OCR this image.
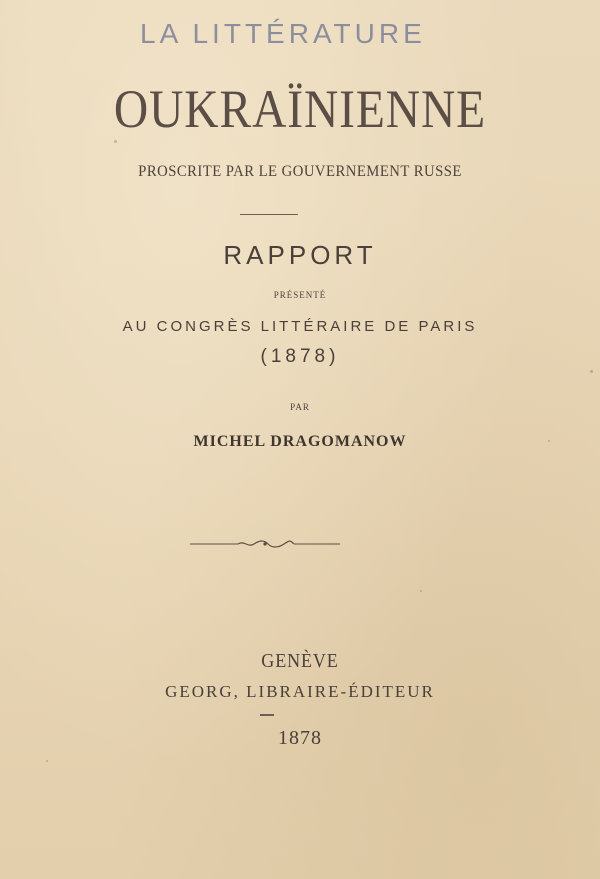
LA LITTÉRATURE
OUKRAÏNIENNE
PROSCRITE PAR LE GOUVERNEMENT RUSSE
RAPPORT
PRÉSENTÉ
AU CONGRÈS LITTÉRAIRE DE PARIS
(1878)
PAR
MICHEL DRAGOMANOW
GENÈVE
GEORG, LIBRAIRE-ÉDITEUR
1878
